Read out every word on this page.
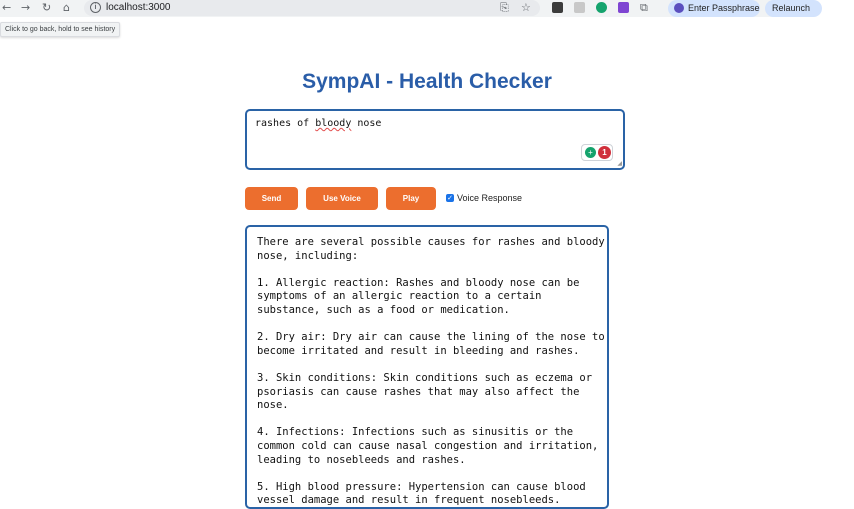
← → ↻ ⌂	i localhost:3000	⎘ ☆	⧉	Enter Passphrase	Relaunch
Click to go back, hold to see history
SympAI - Health Checker
rashes of bloody nose
+	1
◢
Send	Use Voice	Play	✓ Voice Response
There are several possible causes for rashes and bloody nose, including:

1. Allergic reaction: Rashes and bloody nose can be symptoms of an allergic reaction to a certain substance, such as a food or medication.

2. Dry air: Dry air can cause the lining of the nose to become irritated and result in bleeding and rashes.

3. Skin conditions: Skin conditions such as eczema or psoriasis can cause rashes that may also affect the nose.

4. Infections: Infections such as sinusitis or the common cold can cause nasal congestion and irritation, leading to nosebleeds and rashes.

5. High blood pressure: Hypertension can cause blood vessel damage and result in frequent nosebleeds.
